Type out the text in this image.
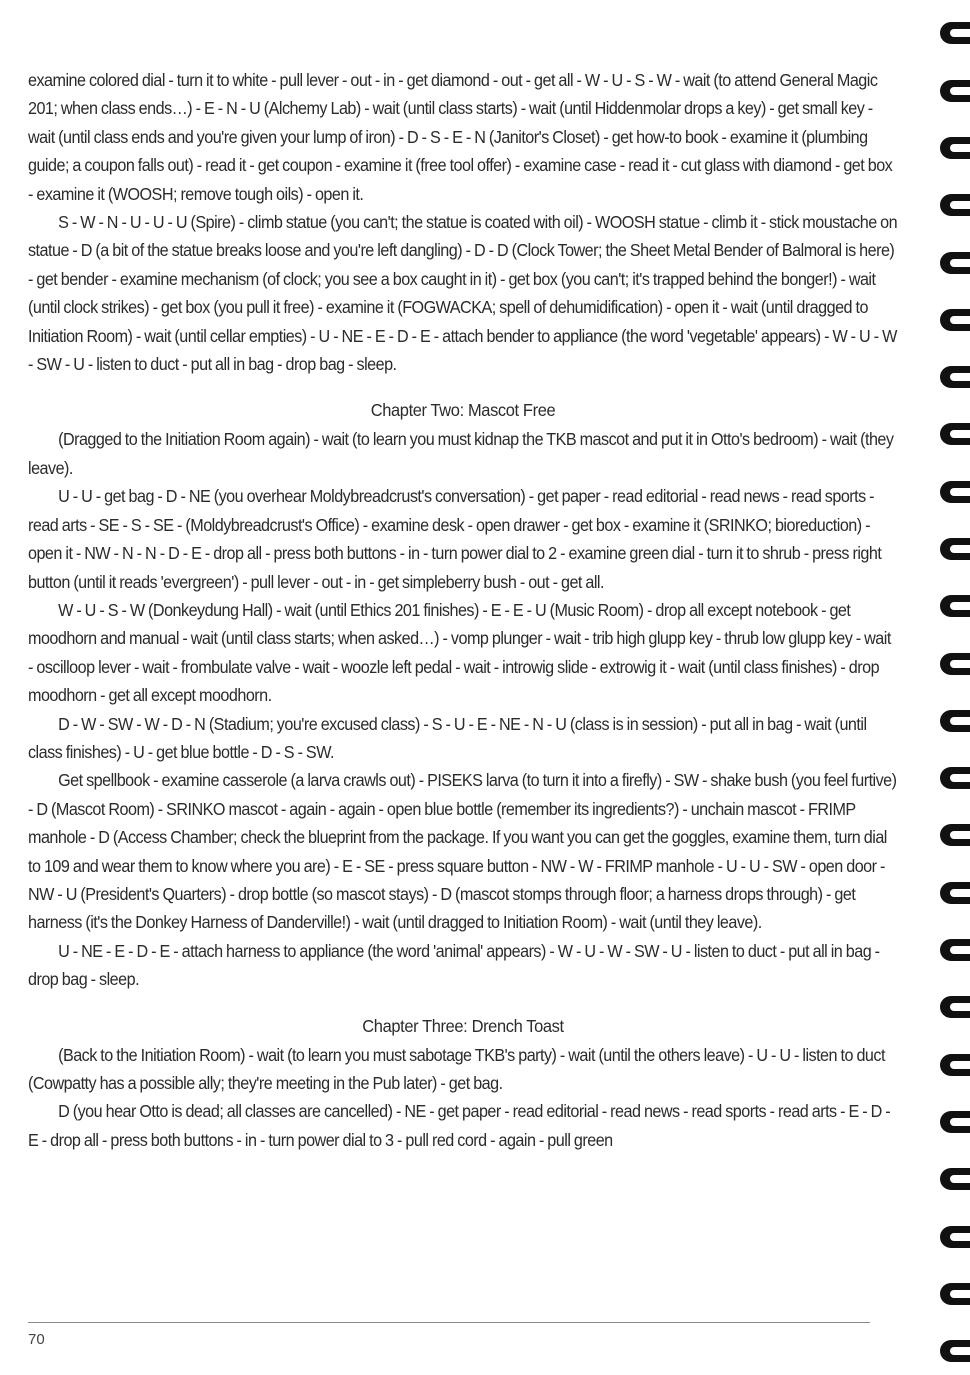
examine colored dial - turn it to white - pull lever - out - in - get diamond - out - get all - W - U - S - W - wait (to attend General Magic 201; when class ends…) - E - N - U (Alchemy Lab) - wait (until class starts) - wait (until Hiddenmolar drops a key) - get small key - wait (until class ends and you're given your lump of iron) - D - S - E - N (Janitor's Closet) - get how-to book - examine it (plumbing guide; a coupon falls out) - read it - get coupon - examine it (free tool offer) - examine case - read it - cut glass with diamond - get box - examine it (WOOSH; remove tough oils) - open it.

S - W - N - U - U - U (Spire) - climb statue (you can't; the statue is coated with oil) - WOOSH statue - climb it - stick moustache on statue - D (a bit of the statue breaks loose and you're left dangling) - D - D (Clock Tower; the Sheet Metal Bender of Balmoral is here) - get bender - examine mechanism (of clock; you see a box caught in it) - get box (you can't; it's trapped behind the bonger!) - wait (until clock strikes) - get box (you pull it free) - examine it (FOGWACKA; spell of dehumidification) - open it - wait (until dragged to Initiation Room) - wait (until cellar empties) - U - NE - E - D - E - attach bender to appliance (the word 'vegetable' appears) - W - U - W - SW - U - listen to duct - put all in bag - drop bag - sleep.

Chapter Two: Mascot Free

(Dragged to the Initiation Room again) - wait (to learn you must kidnap the TKB mascot and put it in Otto's bedroom) - wait (they leave).

U - U - get bag - D - NE (you overhear Moldybreadcrust's conversation) - get paper - read editorial - read news - read sports - read arts - SE - S - SE - (Moldybreadcrust's Office) - examine desk - open drawer - get box - examine it (SRINKO; bioreduction) - open it - NW - N - N - D - E - drop all - press both buttons - in - turn power dial to 2 - examine green dial - turn it to shrub - press right button (until it reads 'evergreen') - pull lever - out - in - get simpleberry bush - out - get all.

W - U - S - W (Donkeydung Hall) - wait (until Ethics 201 finishes) - E - E - U (Music Room) - drop all except notebook - get moodhorn and manual - wait (until class starts; when asked…) - vomp plunger - wait - trib high glupp key - thrub low glupp key - wait - oscilloop lever - wait - frombulate valve - wait - woozle left pedal - wait - introwig slide - extrowig it - wait (until class finishes) - drop moodhorn - get all except moodhorn.

D - W - SW - W - D - N (Stadium; you're excused class) - S - U - E - NE - N - U (class is in session) - put all in bag - wait (until class finishes) - U - get blue bottle - D - S - SW.

Get spellbook - examine casserole (a larva crawls out) - PISEKS larva (to turn it into a firefly) - SW - shake bush (you feel furtive) - D (Mascot Room) - SRINKO mascot - again - again - open blue bottle (remember its ingredients?) - unchain mascot - FRIMP manhole - D (Access Chamber; check the blueprint from the package. If you want you can get the goggles, examine them, turn dial to 109 and wear them to know where you are) - E - SE - press square button - NW - W - FRIMP manhole - U - U - SW - open door - NW - U (President's Quarters) - drop bottle (so mascot stays) - D (mascot stomps through floor; a harness drops through) - get harness (it's the Donkey Harness of Danderville!) - wait (until dragged to Initiation Room) - wait (until they leave).

U - NE - E - D - E - attach harness to appliance (the word 'animal' appears) - W - U - W - SW - U - listen to duct - put all in bag - drop bag - sleep.

Chapter Three: Drench Toast

(Back to the Initiation Room) - wait (to learn you must sabotage TKB's party) - wait (until the others leave) - U - U - listen to duct (Cowpatty has a possible ally; they're meeting in the Pub later) - get bag.

D (you hear Otto is dead; all classes are cancelled) - NE - get paper - read editorial - read news - read sports - read arts - E - D - E - drop all - press both buttons - in - turn power dial to 3 - pull red cord - again - pull green

70
